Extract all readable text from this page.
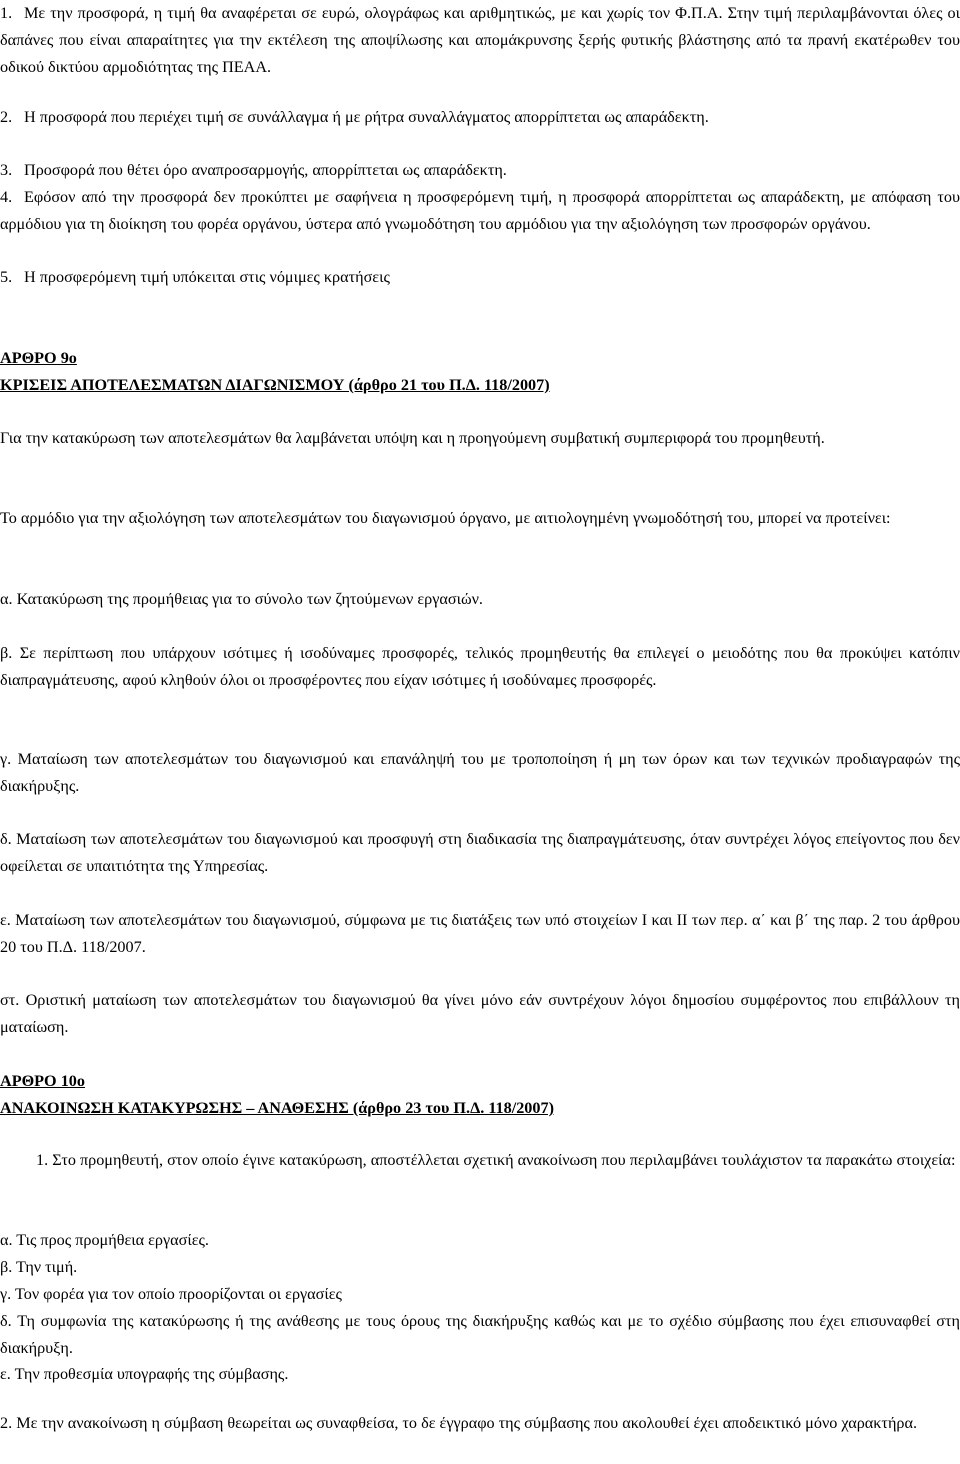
1. Με την προσφορά, η τιμή θα αναφέρεται σε ευρώ, ολογράφως και αριθμητικώς, με και χωρίς τον Φ.Π.Α. Στην τιμή περιλαμβάνονται όλες οι δαπάνες που είναι απαραίτητες για την εκτέλεση της αποψίλωσης και απομάκρυνσης ξερής φυτικής βλάστησης από τα πρανή εκατέρωθεν του οδικού δικτύου αρμοδιότητας της ΠΕΑΑ.
2. Η προσφορά που περιέχει τιμή σε συνάλλαγμα ή με ρήτρα συναλλάγματος απορρίπτεται ως απαράδεκτη.
3. Προσφορά που θέτει όρο αναπροσαρμογής, απορρίπτεται ως απαράδεκτη.
4. Εφόσον από την προσφορά δεν προκύπτει με σαφήνεια η προσφερόμενη τιμή, η προσφορά απορρίπτεται ως απαράδεκτη, με απόφαση του αρμόδιου για τη διοίκηση του φορέα οργάνου, ύστερα από γνωμοδότηση του αρμόδιου για την αξιολόγηση των προσφορών οργάνου.
5. Η προσφερόμενη τιμή υπόκειται στις νόμιμες κρατήσεις
ΑΡΘΡΟ 9ο
ΚΡΙΣΕΙΣ ΑΠΟΤΕΛΕΣΜΑΤΩΝ ΔΙΑΓΩΝΙΣΜΟΥ (άρθρο 21 του Π.Δ. 118/2007)
Για την κατακύρωση των αποτελεσμάτων θα λαμβάνεται υπόψη και η προηγούμενη συμβατική συμπεριφορά του προμηθευτή.
Το αρμόδιο για την αξιολόγηση των αποτελεσμάτων του διαγωνισμού όργανο, με αιτιολογημένη γνωμοδότησή του, μπορεί να προτείνει:
α. Κατακύρωση της προμήθειας για το σύνολο των ζητούμενων εργασιών.
β. Σε περίπτωση που υπάρχουν ισότιμες ή ισοδύναμες προσφορές, τελικός προμηθευτής θα επιλεγεί ο μειοδότης που θα προκύψει κατόπιν διαπραγμάτευσης, αφού κληθούν όλοι οι προσφέροντες που είχαν ισότιμες ή ισοδύναμες προσφορές.
γ. Ματαίωση των αποτελεσμάτων του διαγωνισμού και επανάληψή του με τροποποίηση ή μη των όρων και των τεχνικών προδιαγραφών της διακήρυξης.
δ. Ματαίωση των αποτελεσμάτων του διαγωνισμού και προσφυγή στη διαδικασία της διαπραγμάτευσης, όταν συντρέχει λόγος επείγοντος που δεν οφείλεται σε υπαιτιότητα της Υπηρεσίας.
ε. Ματαίωση των αποτελεσμάτων του διαγωνισμού, σύμφωνα με τις διατάξεις των υπό στοιχείων Ι και ΙΙ των περ. α΄ και β΄ της παρ. 2 του άρθρου 20 του Π.Δ. 118/2007.
στ. Οριστική ματαίωση των αποτελεσμάτων του διαγωνισμού θα γίνει μόνο εάν συντρέχουν λόγοι δημοσίου συμφέροντος που επιβάλλουν τη ματαίωση.
ΑΡΘΡΟ 10ο
ΑΝΑΚΟΙΝΩΣΗ ΚΑΤΑΚΥΡΩΣΗΣ – ΑΝΑΘΕΣΗΣ (άρθρο 23 του Π.Δ. 118/2007)
1. Στο προμηθευτή, στον οποίο έγινε κατακύρωση, αποστέλλεται σχετική ανακοίνωση που περιλαμβάνει τουλάχιστον τα παρακάτω στοιχεία:
α. Τις προς προμήθεια εργασίες.
β. Την τιμή.
γ. Τον φορέα για τον οποίο προορίζονται οι εργασίες
δ. Τη συμφωνία της κατακύρωσης ή της ανάθεσης με τους όρους της διακήρυξης καθώς και με το σχέδιο σύμβασης που έχει επισυναφθεί στη διακήρυξη.
ε. Την προθεσμία υπογραφής της σύμβασης.
2. Με την ανακοίνωση η σύμβαση θεωρείται ως συναφθείσα, το δε έγγραφο της σύμβασης που ακολουθεί έχει αποδεικτικό μόνο χαρακτήρα.
